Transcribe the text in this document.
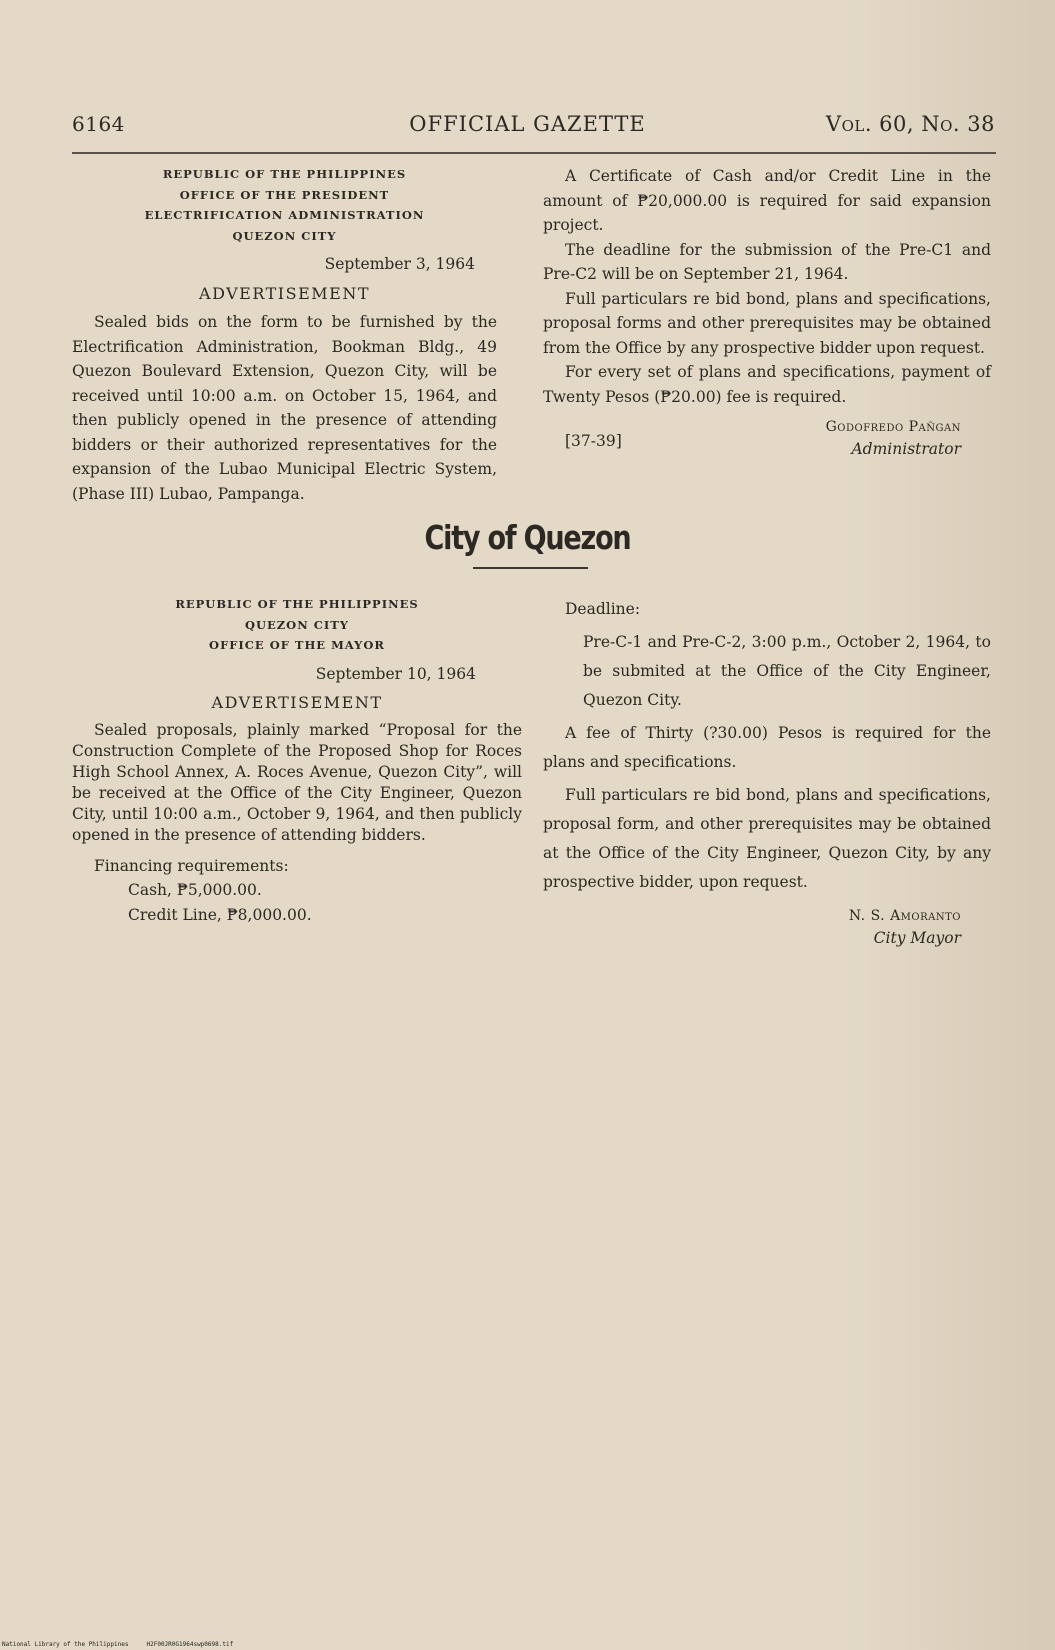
6164	OFFICIAL GAZETTE	Vol. 60, No. 38
REPUBLIC OF THE PHILIPPINES
OFFICE OF THE PRESIDENT
ELECTRIFICATION ADMINISTRATION
QUEZON CITY
September 3, 1964
ADVERTISEMENT

Sealed bids on the form to be furnished by the Electrification Administration, Bookman Bldg., 49 Quezon Boulevard Extension, Quezon City, will be received until 10:00 a.m. on October 15, 1964, and then publicly opened in the presence of attending bidders or their authorized representatives for the expansion of the Lubao Municipal Electric System, (Phase III) Lubao, Pampanga.

A Certificate of Cash and/or Credit Line in the amount of ₱20,000.00 is required for said expansion project.

The deadline for the submission of the Pre-C1 and Pre-C2 will be on September 21, 1964.

Full particulars re bid bond, plans and specifications, proposal forms and other prerequisites may be obtained from the Office by any prospective bidder upon request.

For every set of plans and specifications, payment of Twenty Pesos (₱20.00) fee is required.

[37-39]
Godofredo Pañgan
Administrator
City of Quezon
REPUBLIC OF THE PHILIPPINES
QUEZON CITY
OFFICE OF THE MAYOR
September 10, 1964
ADVERTISEMENT

Sealed proposals, plainly marked “Proposal for the Construction Complete of the Proposed Shop for Roces High School Annex, A. Roces Avenue, Quezon City”, will be received at the Office of the City Engineer, Quezon City, until 10:00 a.m., October 9, 1964, and then publicly opened in the presence of attending bidders.

Financing requirements:
Cash, ₱5,000.00.
Credit Line, ₱8,000.00.
Deadline:

Pre-C-1 and Pre-C-2, 3:00 p.m., October 2, 1964, to be submited at the Office of the City Engineer, Quezon City.

A fee of Thirty (?30.00) Pesos is required for the plans and specifications.

Full particulars re bid bond, plans and specifications, proposal form, and other prerequisites may be obtained at the Office of the City Engineer, Quezon City, by any prospective bidder, upon request.

N. S. Amoranto
City Mayor
National Library of the Philippines     H2F00JR0G1964swp0698.tif
